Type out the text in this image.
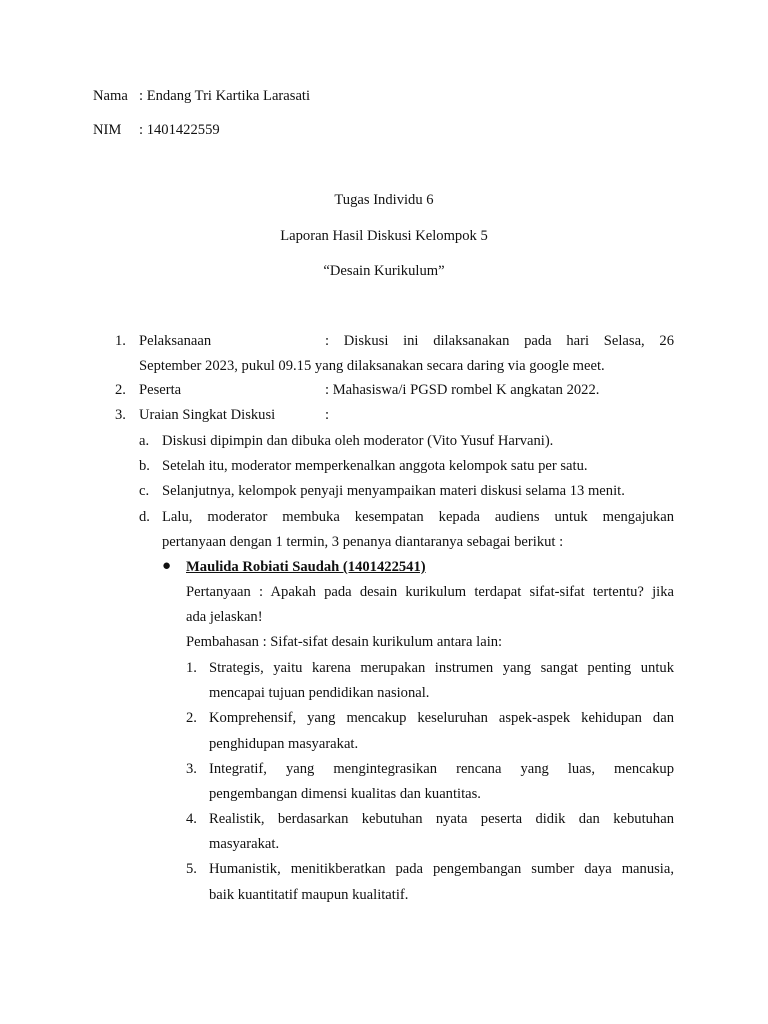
Nama : Endang Tri Kartika Larasati
NIM : 1401422559
Tugas Individu 6
Laporan Hasil Diskusi Kelompok 5
“Desain Kurikulum”
1. Pelaksanaan	: Diskusi ini dilaksanakan pada hari Selasa, 26
September 2023, pukul 09.15 yang dilaksanakan secara daring via google meet.
2. Peserta	: Mahasiswa/i PGSD rombel K angkatan 2022.
3. Uraian Singkat Diskusi	:
a. Diskusi dipimpin dan dibuka oleh moderator (Vito Yusuf Harvani).
b. Setelah itu, moderator memperkenalkan anggota kelompok satu per satu.
c. Selanjutnya, kelompok penyaji menyampaikan materi diskusi selama 13 menit.
d. Lalu, moderator membuka kesempatan kepada audiens untuk mengajukan
pertanyaan dengan 1 termin, 3 penanya diantaranya sebagai berikut :
● Maulida Robiati Saudah (1401422541)
Pertanyaan : Apakah pada desain kurikulum terdapat sifat-sifat tertentu? jika
ada jelaskan!
Pembahasan : Sifat-sifat desain kurikulum antara lain:
1. Strategis, yaitu karena merupakan instrumen yang sangat penting untuk
mencapai tujuan pendidikan nasional.
2. Komprehensif, yang mencakup keseluruhan aspek-aspek kehidupan dan
penghidupan masyarakat.
3. Integratif, yang mengintegrasikan rencana yang luas, mencakup
pengembangan dimensi kualitas dan kuantitas.
4. Realistik, berdasarkan kebutuhan nyata peserta didik dan kebutuhan
masyarakat.
5. Humanistik, menitikberatkan pada pengembangan sumber daya manusia,
baik kuantitatif maupun kualitatif.
